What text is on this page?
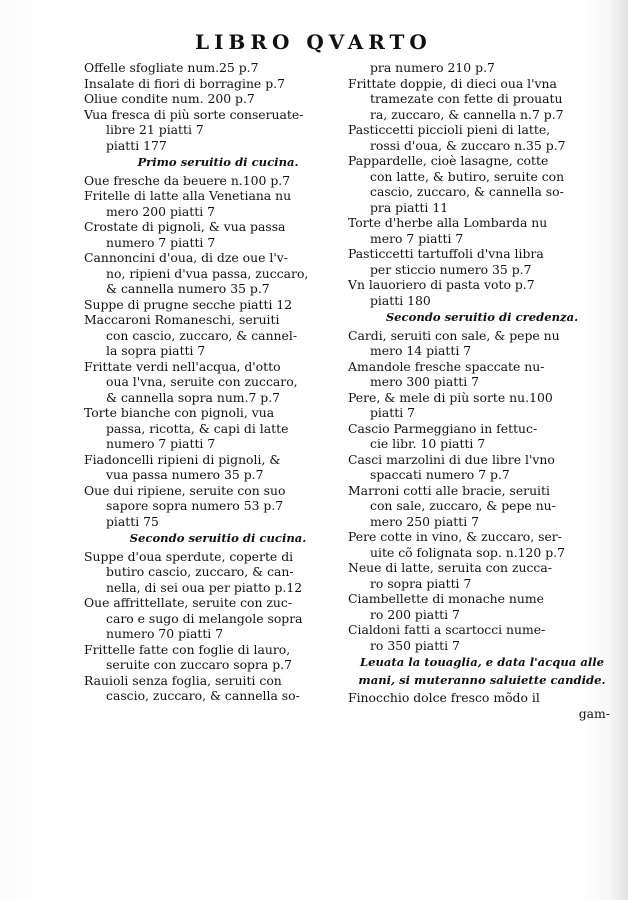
LIBRO QVARTO
Offelle sfogliate num.25 p.7
Insalate di fiori di borragine p.7
Oliue condite num. 200 p.7
Vua fresca di più sorte conseruate-
libre 21 piatti 7
piatti 177
Primo seruitio di cucina.
Oue fresche da beuere n.100 p.7
Fritelle di latte alla Venetiana nu
mero 200 piatti 7
Crostate di pignoli, & vua passa
numero 7 piatti 7
Cannoncini d'oua, di dze oue l'v-
no, ripieni d'vua passa, zuccaro,
& cannella numero 35 p.7
Suppe di prugne secche piatti 12
Maccaroni Romaneschi, seruiti
con cascio, zuccaro, & cannel-
la sopra piatti 7
Frittate verdi nell'acqua, d'otto
oua l'vna, seruite con zuccaro,
& cannella sopra num.7 p.7
Torte bianche con pignoli, vua
passa, ricotta, & capi di latte
numero 7 piatti 7
Fiadoncelli ripieni di pignoli, &
vua passa numero 35 p.7
Oue dui ripiene, seruite con suo
sapore sopra numero 53 p.7
piatti 75
Secondo seruitio di cucina.
Suppe d'oua sperdute, coperte di
butiro cascio, zuccaro, & can-
nella, di sei oua per piatto p.12
Oue affrittellate, seruite con zuc-
caro e sugo di melangole sopra
numero 70 piatti 7
Frittelle fatte con foglie di lauro,
seruite con zuccaro sopra p.7
Rauioli senza foglia, seruiti con
cascio, zuccaro, & cannella so-
pra numero 210 p.7
Frittate doppie, di dieci oua l'vna
tramezate con fette di prouatu
ra, zuccaro, & cannella n.7 p.7
Pasticcetti piccioli pieni di latte,
rossi d'oua, & zuccaro n.35 p.7
Pappardelle, cioè lasagne, cotte
con latte, & butiro, seruite con
cascio, zuccaro, & cannella so-
pra piatti 11
Torte d'herbe alla Lombarda nu
mero 7 piatti 7
Pasticcetti tartuffoli d'vna libra
per sticcio numero 35 p.7
Vn lauoriero di pasta voto p.7
piatti 180
Secondo seruitio di credenza.
Cardi, seruiti con sale, & pepe nu
mero 14 piatti 7
Amandole fresche spaccate nu-
mero 300 piatti 7
Pere, & mele di più sorte nu.100
piatti 7
Cascio Parmeggiano in fettuc-
cie libr. 10 piatti 7
Casci marzolini di due libre l'vno
spaccati numero 7 p.7
Marroni cotti alle bracie, seruiti
con sale, zuccaro, & pepe nu-
mero 250 piatti 7
Pere cotte in vino, & zuccaro, ser-
uite cõ folignata sop. n.120 p.7
Neue di latte, seruita con zucca-
ro sopra piatti 7
Ciambellette di monache nume
ro 200 piatti 7
Cialdoni fatti a scartocci nume-
ro 350 piatti 7
Leuata la touaglia, e data l'acqua alle
mani, si muteranno saluiette candide.
Finocchio dolce fresco mõdo il
gam-
